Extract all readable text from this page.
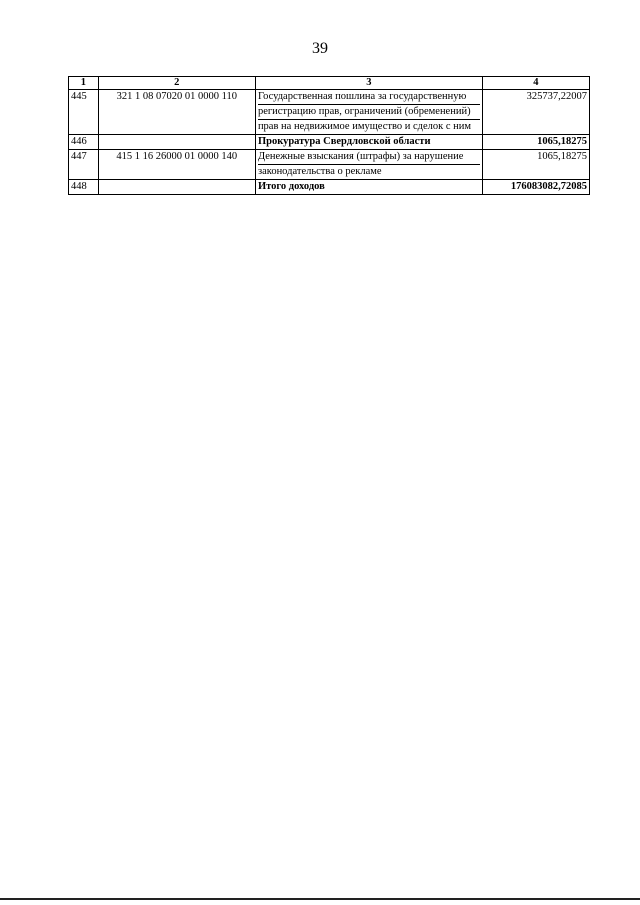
39
1	2	3	4
445	321 1 08 07020 01 0000 110	Государственная пошлина за государственную
регистрацию прав, ограничений (обременений)
прав на недвижимое имущество и сделок с ним	325737,22007
446		Прокуратура Свердловской области	1065,18275
447	415 1 16 26000 01 0000 140	Денежные взыскания (штрафы) за нарушение
законодательства о рекламе	1065,18275
448		Итого доходов	176083082,72085
